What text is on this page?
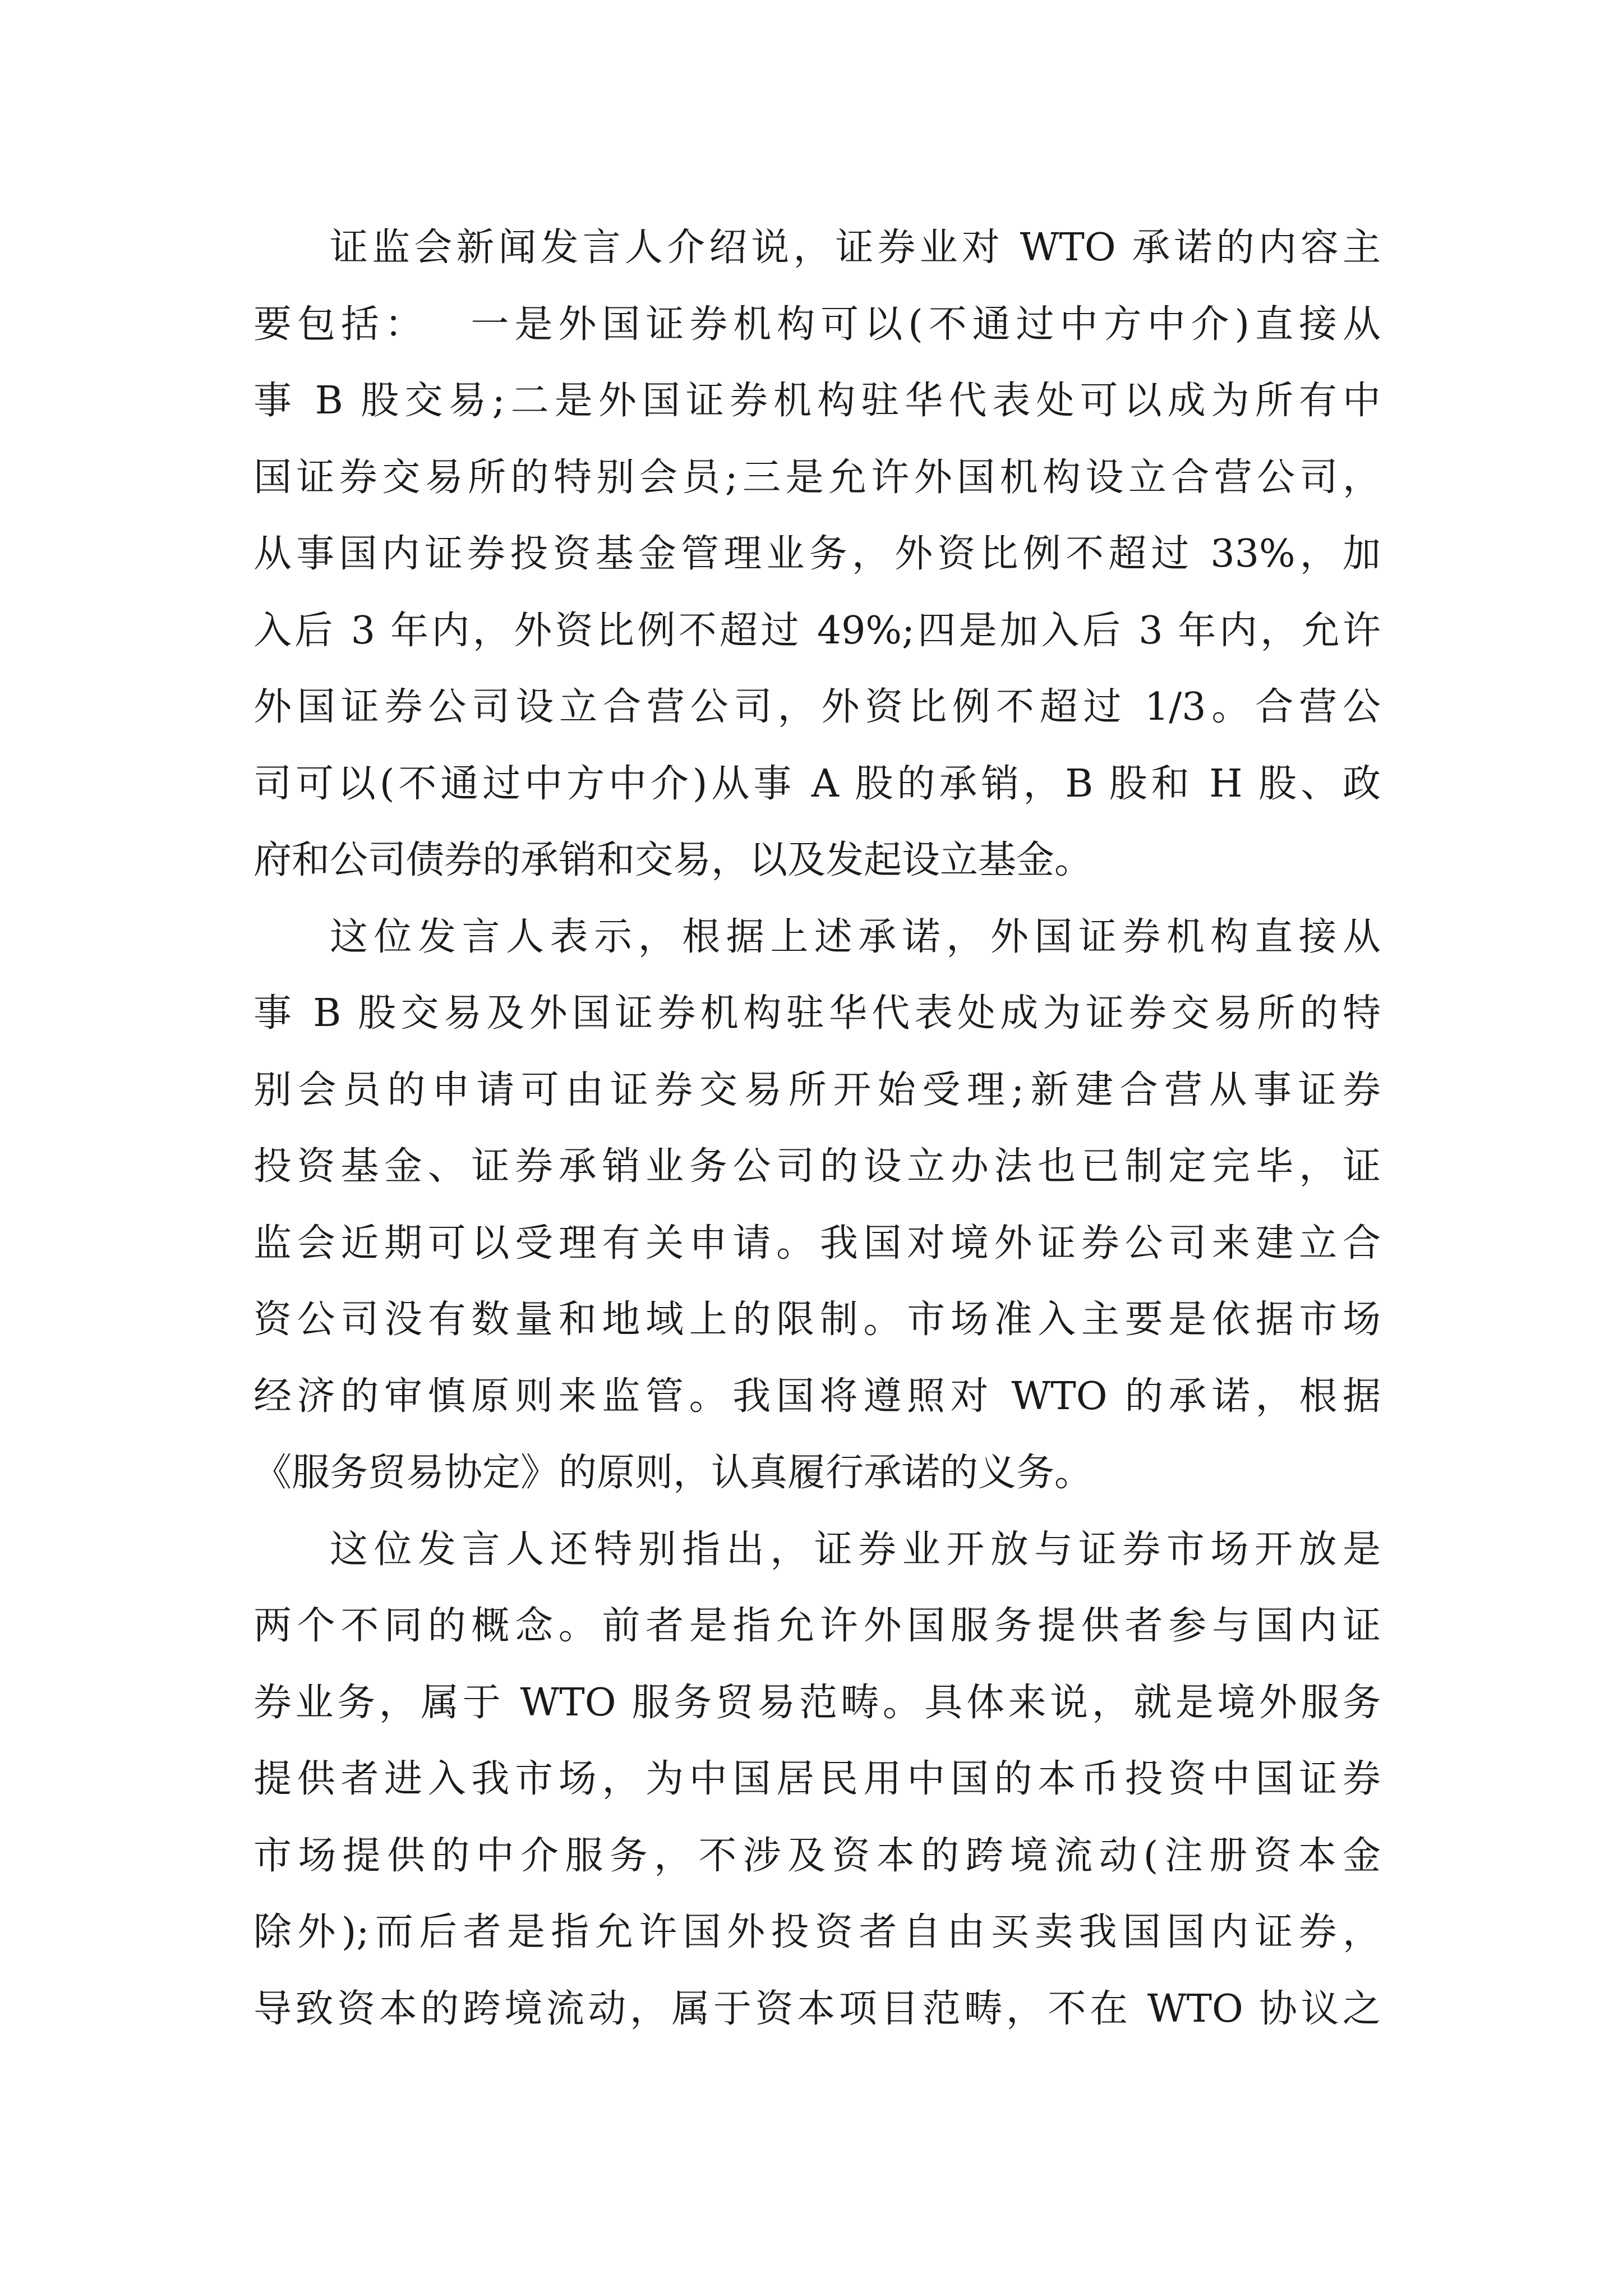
证监会新闻发言人介绍说，证券业对 WTO 承诺的内容主
要包括：　 一是外国证券机构可以(不通过中方中介)直接从
事 B 股交易;二是外国证券机构驻华代表处可以成为所有中
国证券交易所的特别会员;三是允许外国机构设立合营公司，
从事国内证券投资基金管理业务，外资比例不超过 33%，加
入后 3 年内，外资比例不超过 49%;四是加入后 3 年内，允许
外国证券公司设立合营公司，外资比例不超过 1/3。合营公
司可以(不通过中方中介)从事 A 股的承销，B 股和 H 股、政
府和公司债券的承销和交易，以及发起设立基金。
这位发言人表示，根据上述承诺，外国证券机构直接从
事 B 股交易及外国证券机构驻华代表处成为证券交易所的特
别会员的申请可由证券交易所开始受理;新建合营从事证券
投资基金、证券承销业务公司的设立办法也已制定完毕，证
监会近期可以受理有关申请。我国对境外证券公司来建立合
资公司没有数量和地域上的限制。市场准入主要是依据市场
经济的审慎原则来监管。我国将遵照对 WTO 的承诺，根据
《服务贸易协定》的原则，认真履行承诺的义务。
这位发言人还特别指出，证券业开放与证券市场开放是
两个不同的概念。前者是指允许外国服务提供者参与国内证
券业务，属于 WTO 服务贸易范畴。具体来说，就是境外服务
提供者进入我市场，为中国居民用中国的本币投资中国证券
市场提供的中介服务，不涉及资本的跨境流动(注册资本金
除外);而后者是指允许国外投资者自由买卖我国国内证券，
导致资本的跨境流动，属于资本项目范畴，不在 WTO 协议之
